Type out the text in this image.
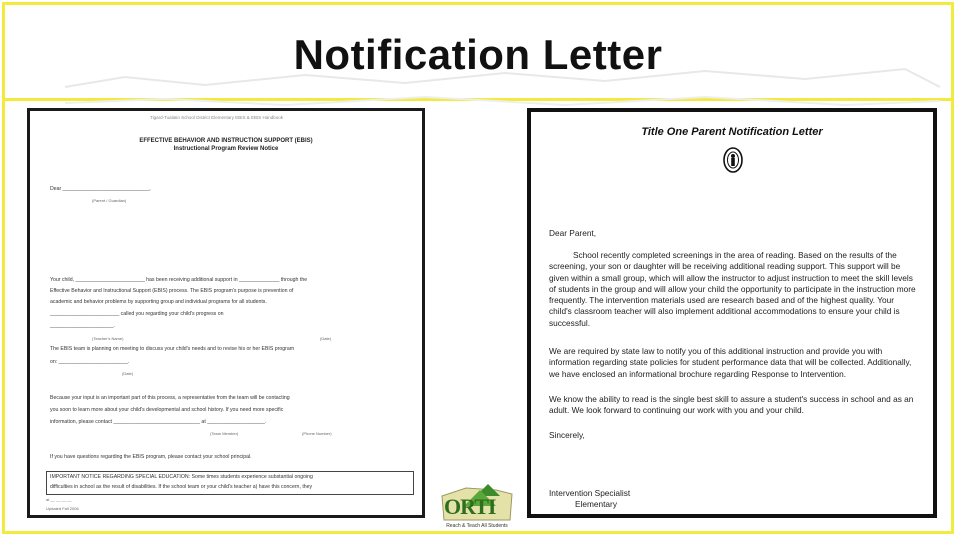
Notification Letter
Tigard-Tualatin School District Elementary EBIS & EBIS Handbook
EFFECTIVE BEHAVIOR AND INSTRUCTION SUPPORT (EBIS)
Instructional Program Review Notice
Dear ______________________________,
(Parent / Guardian)
Your child, ________________________ has been receiving additional support in ______________ through the
Effective Behavior and Instructional Support (EBIS) process. The EBIS program's purpose is prevention of
academic and behavior problems by supporting group and individual programs for all students.
________________________ called you regarding your child's progress on
______________________.
(Teacher's Name)	(Date)
The EBIS team is planning on meeting to discuss your child's needs and to revise his or her EBIS program
on: ________________________.
(Date)
Because your input is an important part of this process, a representative from the team will be contacting
you soon to learn more about your child's developmental and school history. If you need more specific
information, please contact ______________________________ at ____________________.
(Team Member)	(Phone Number)
If you have questions regarding the EBIS program, please contact your school principal.
IMPORTANT NOTICE REGARDING SPECIAL EDUCATION: Some times students experience substantial ongoing
difficulties in school as the result of disabilities. If the school team or your child's teacher a) have this concern, they
at __ __ __ __
Updated Fall 2006
Title One Parent Notification Letter
Dear Parent,
School recently completed screenings in the area of reading. Based on the results of the screening, your son or daughter will be receiving additional reading support. This support will be given within a small group, which will allow the instructor to adjust instruction to meet the skill levels of students in the group and will allow your child the opportunity to participate in the instruction more frequently. The intervention materials used are research based and of the highest quality. Your child's classroom teacher will also implement additional accommodations to ensure your child is successful.
We are required by state law to notify you of this additional instruction and provide you with information regarding state policies for student performance data that will be collected. Additionally, we have enclosed an informational brochure regarding Response to Intervention.
We know the ability to read is the single best skill to assure a student's success in school and as an adult. We look forward to continuing our work with you and your child.
Sincerely,
Intervention Specialist
Elementary
ORTI
Reach & Teach All Students
